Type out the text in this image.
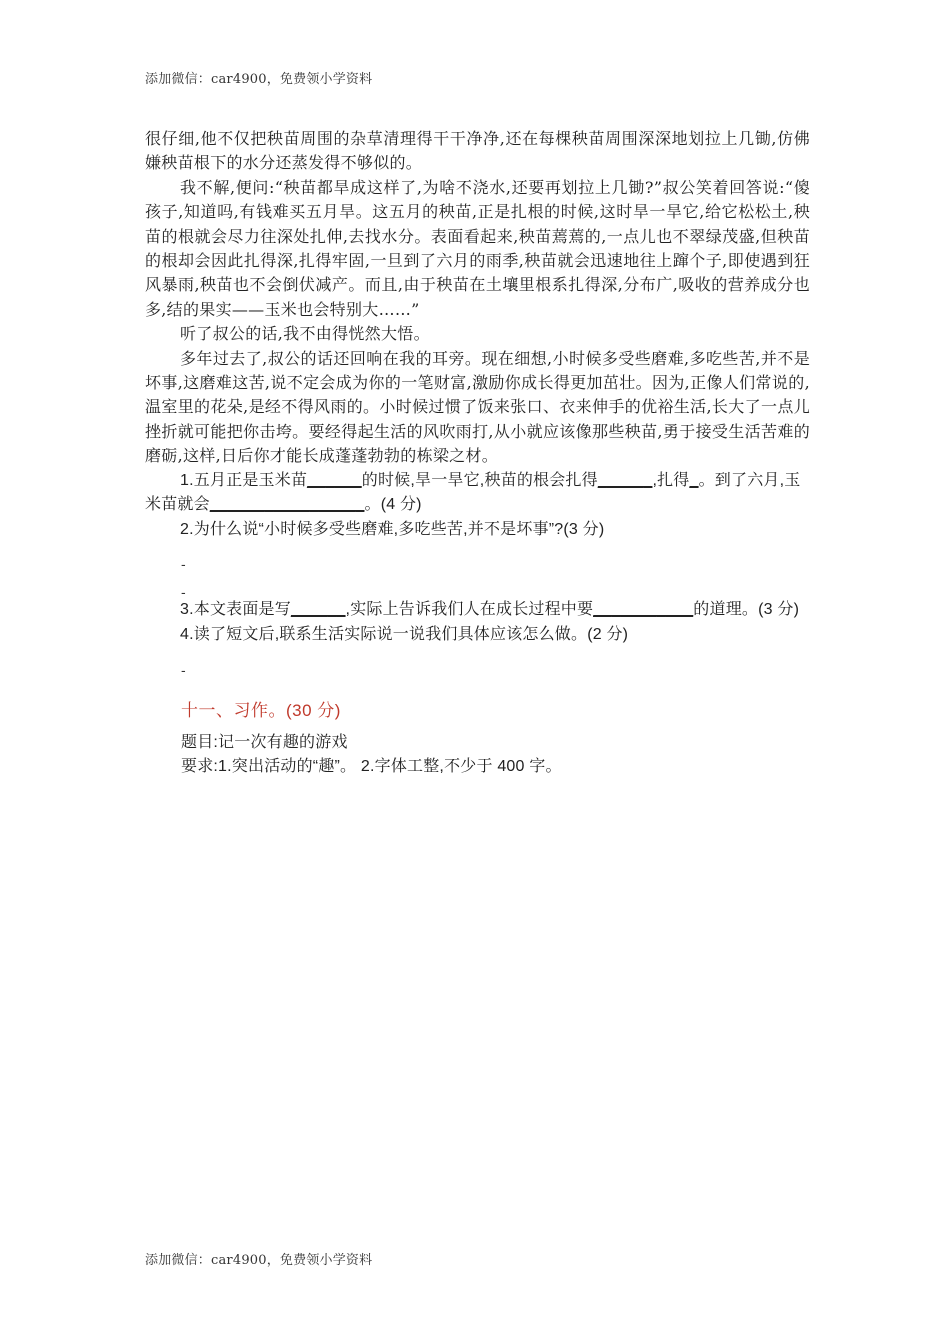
添加微信：car4900，免费领小学资料

很仔细,他不仅把秧苗周围的杂草清理得干干净净,还在每棵秧苗周围深深地划拉上几锄,仿佛嫌秧苗根下的水分还蒸发得不够似的。

我不解,便问:“秧苗都旱成这样了,为啥不浇水,还要再划拉上几锄?”叔公笑着回答说:“傻孩子,知道吗,有钱难买五月旱。这五月的秧苗,正是扎根的时候,这时旱一旱它,给它松松土,秧苗的根就会尽力往深处扎伸,去找水分。表面看起来,秧苗蔫蔫的,一点儿也不翠绿茂盛,但秧苗的根却会因此扎得深,扎得牢固,一旦到了六月的雨季,秧苗就会迅速地往上蹿个子,即使遇到狂风暴雨,秧苗也不会倒伏减产。而且,由于秧苗在土壤里根系扎得深,分布广,吸收的营养成分也多,结的果实——玉米也会特别大……”

听了叔公的话,我不由得恍然大悟。

多年过去了,叔公的话还回响在我的耳旁。现在细想,小时候多受些磨难,多吃些苦,并不是坏事,这磨难这苦,说不定会成为你的一笔财富,激励你成长得更加茁壮。因为,正像人们常说的,温室里的花朵,是经不得风雨的。小时候过惯了饭来张口、衣来伸手的优裕生活,长大了一点儿挫折就可能把你击垮。要经得起生活的风吹雨打,从小就应该像那些秧苗,勇于接受生活苦难的磨砺,这样,日后你才能长成蓬蓬勃勃的栋梁之材。

1.五月正是玉米苗______的时候,旱一旱它,秧苗的根会扎得______,扎得_。到了六月,玉米苗就会_________________。(4 分)

2.为什么说“小时候多受些磨难,多吃些苦,并不是坏事”?(3 分)

-

-

3.本文表面是写______,实际上告诉我们人在成长过程中要___________的道理。(3 分)

4.读了短文后,联系生活实际说一说我们具体应该怎么做。(2 分)

-

十一、习作。(30 分)

题目:记一次有趣的游戏

要求:1.突出活动的“趣”。 2.字体工整,不少于 400 字。

添加微信：car4900，免费领小学资料
